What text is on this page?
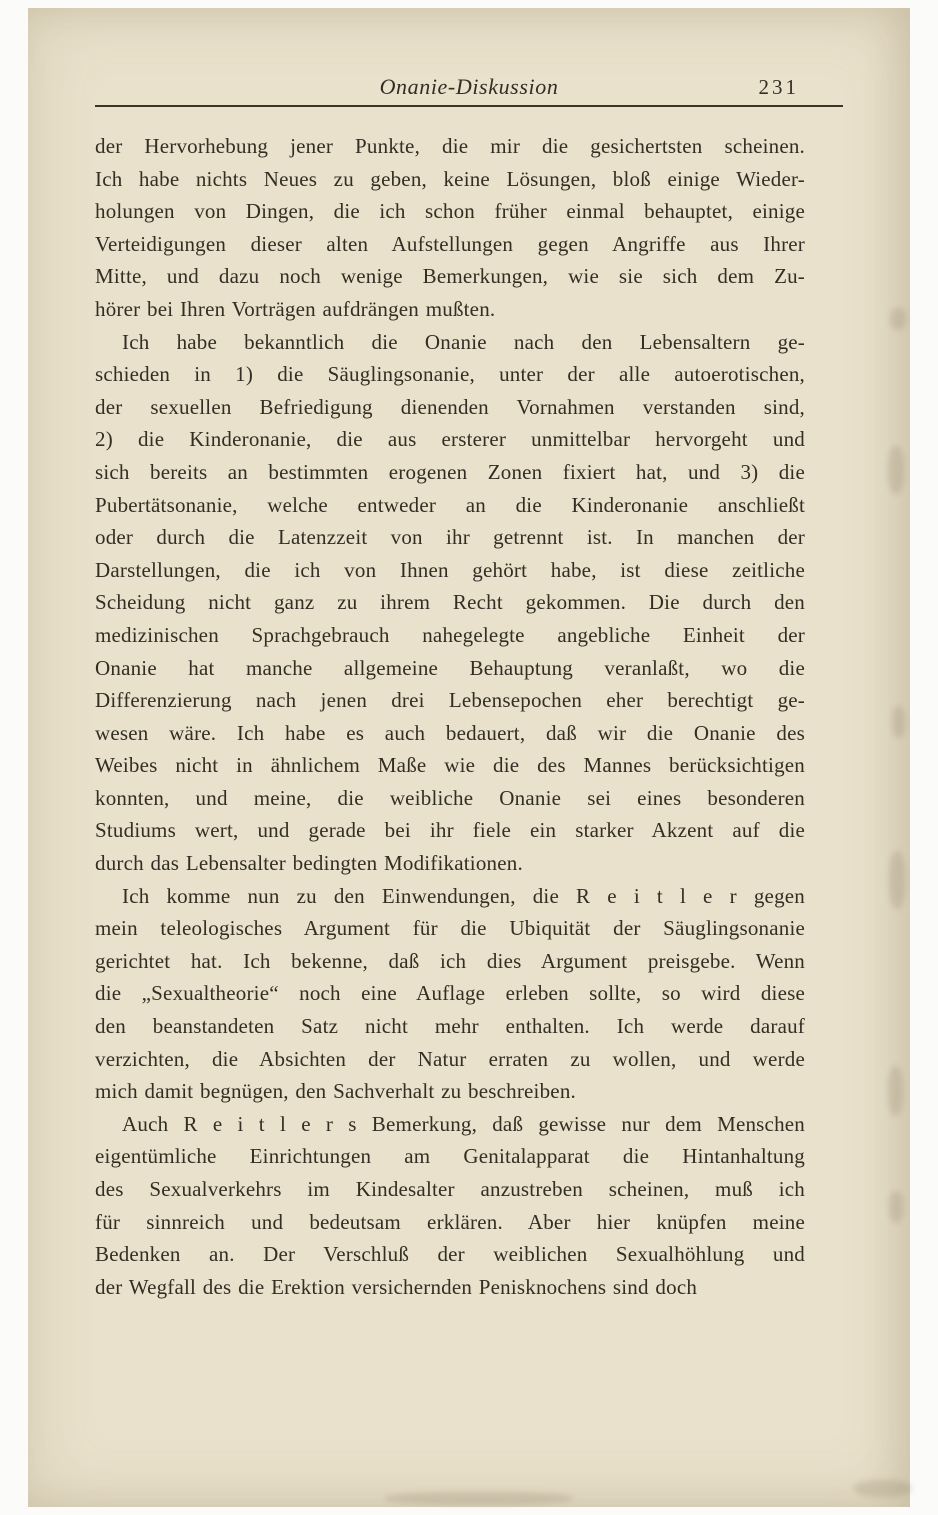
Onanie-Diskussion	231
der Hervorhebung jener Punkte, die mir die gesichertsten scheinen.
Ich habe nichts Neues zu geben, keine Lösungen, bloß einige Wieder-
holungen von Dingen, die ich schon früher einmal behauptet, einige
Verteidigungen dieser alten Aufstellungen gegen Angriffe aus Ihrer
Mitte, und dazu noch wenige Bemerkungen, wie sie sich dem Zu-
hörer bei Ihren Vorträgen aufdrängen mußten.
Ich habe bekanntlich die Onanie nach den Lebensaltern ge-
schieden in 1) die Säuglingsonanie, unter der alle autoerotischen,
der sexuellen Befriedigung dienenden Vornahmen verstanden sind,
2) die Kinderonanie, die aus ersterer unmittelbar hervorgeht und
sich bereits an bestimmten erogenen Zonen fixiert hat, und 3) die
Pubertätsonanie, welche entweder an die Kinderonanie anschließt
oder durch die Latenzzeit von ihr getrennt ist. In manchen der
Darstellungen, die ich von Ihnen gehört habe, ist diese zeitliche
Scheidung nicht ganz zu ihrem Recht gekommen. Die durch den
medizinischen Sprachgebrauch nahegelegte angebliche Einheit der
Onanie hat manche allgemeine Behauptung veranlaßt, wo die
Differenzierung nach jenen drei Lebensepochen eher berechtigt ge-
wesen wäre. Ich habe es auch bedauert, daß wir die Onanie des
Weibes nicht in ähnlichem Maße wie die des Mannes berücksichtigen
konnten, und meine, die weibliche Onanie sei eines besonderen
Studiums wert, und gerade bei ihr fiele ein starker Akzent auf die
durch das Lebensalter bedingten Modifikationen.
Ich komme nun zu den Einwendungen, die R e i t l e r gegen
mein teleologisches Argument für die Ubiquität der Säuglingsonanie
gerichtet hat. Ich bekenne, daß ich dies Argument preisgebe. Wenn
die „Sexualtheorie“ noch eine Auflage erleben sollte, so wird diese
den beanstandeten Satz nicht mehr enthalten. Ich werde darauf
verzichten, die Absichten der Natur erraten zu wollen, und werde
mich damit begnügen, den Sachverhalt zu beschreiben.
Auch R e i t l e r s Bemerkung, daß gewisse nur dem Menschen
eigentümliche Einrichtungen am Genitalapparat die Hintanhaltung
des Sexualverkehrs im Kindesalter anzustreben scheinen, muß ich
für sinnreich und bedeutsam erklären. Aber hier knüpfen meine
Bedenken an. Der Verschluß der weiblichen Sexualhöhlung und
der Wegfall des die Erektion versichernden Penisknochens sind doch
